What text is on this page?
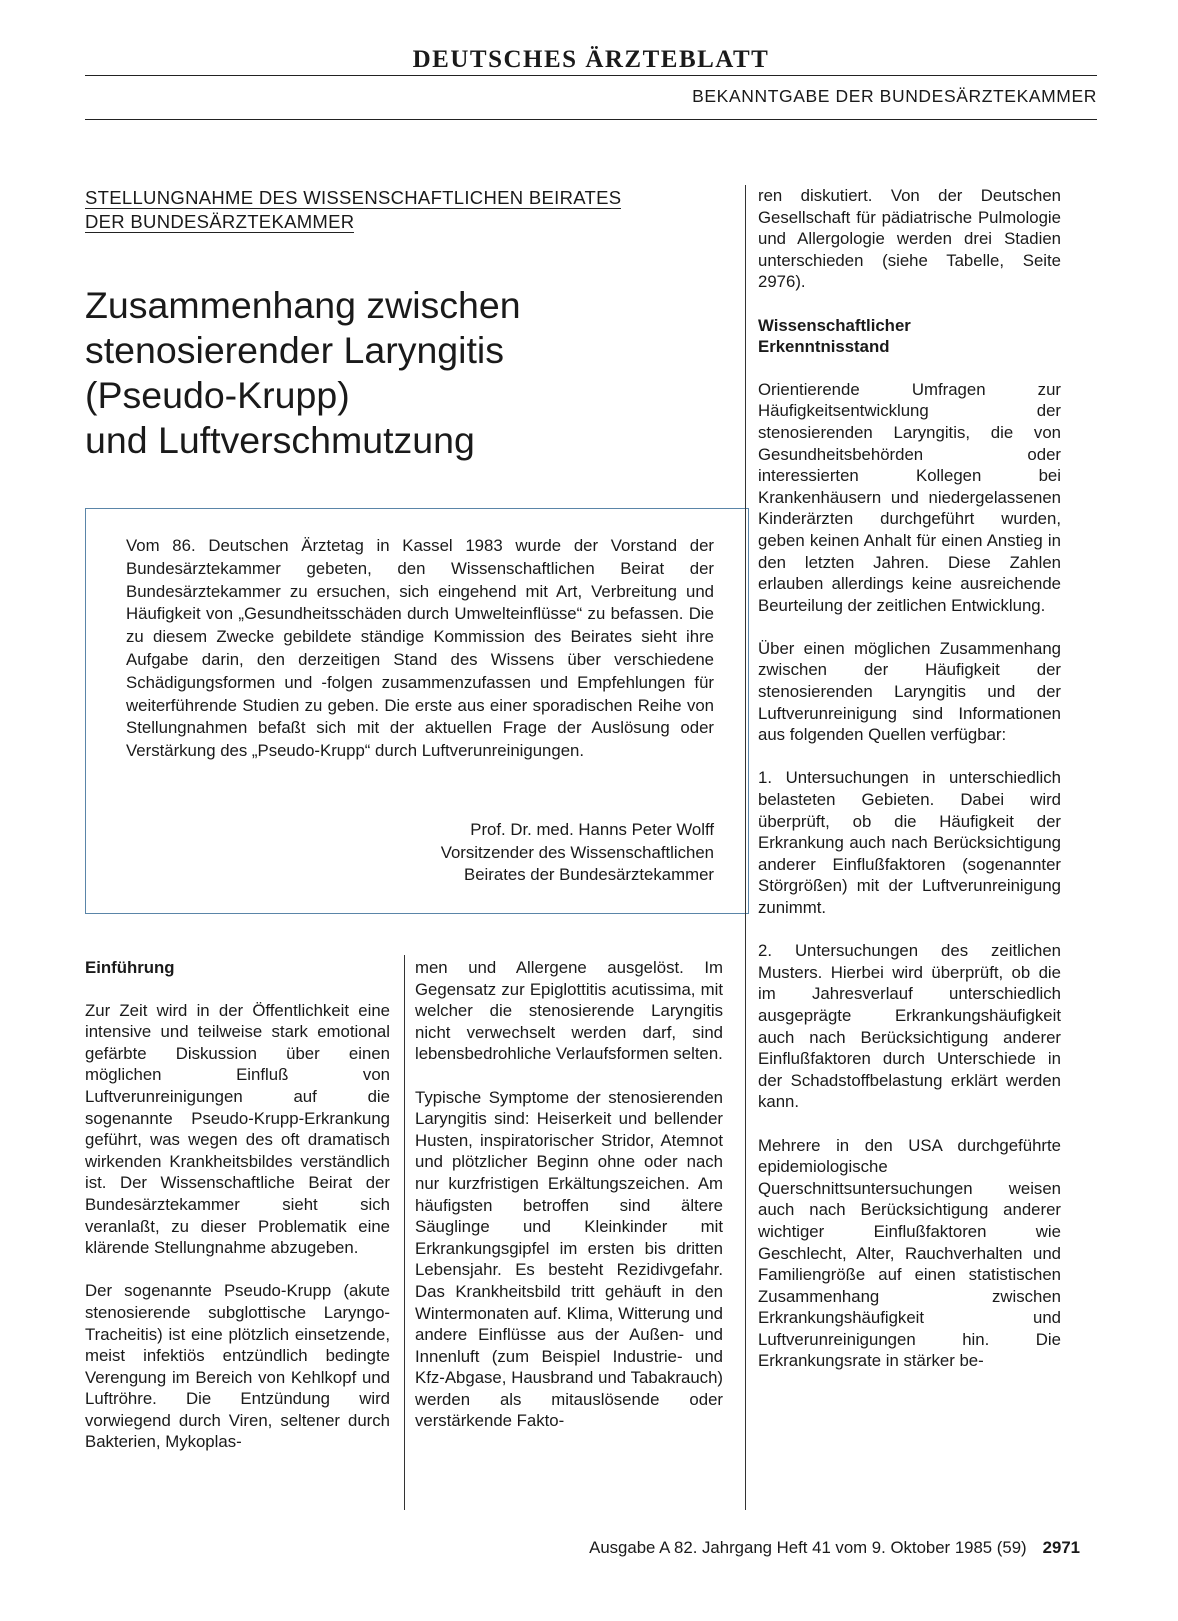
DEUTSCHES ÄRZTEBLATT
BEKANNTGABE DER BUNDESÄRZTEKAMMER
STELLUNGNAHME DES WISSENSCHAFTLICHEN BEIRATES
DER BUNDESÄRZTEKAMMER
Zusammenhang zwischen
stenosierender Laryngitis
(Pseudo-Krupp)
und Luftverschmutzung

Vom 86. Deutschen Ärztetag in Kassel 1983 wurde der Vorstand der Bundesärztekammer gebeten, den Wissenschaftlichen Beirat der Bundesärztekammer zu ersuchen, sich eingehend mit Art, Verbreitung und Häufigkeit von „Gesundheitsschäden durch Umwelteinflüsse“ zu befassen. Die zu diesem Zwecke gebildete ständige Kommission des Beirates sieht ihre Aufgabe darin, den derzeitigen Stand des Wissens über verschiedene Schädigungsformen und -folgen zusammenzufassen und Empfehlungen für weiterführende Studien zu geben. Die erste aus einer sporadischen Reihe von Stellungnahmen befaßt sich mit der aktuellen Frage der Auslösung oder Verstärkung des „Pseudo-Krupp“ durch Luftverunreinigungen.

Prof. Dr. med. Hanns Peter Wolff
Vorsitzender des Wissenschaftlichen
Beirates der Bundesärztekammer
Einführung

Zur Zeit wird in der Öffentlichkeit eine intensive und teilweise stark emotional gefärbte Diskussion über einen möglichen Einfluß von Luftverunreinigungen auf die sogenannte Pseudo-Krupp-Erkrankung geführt, was wegen des oft dramatisch wirkenden Krankheitsbildes verständlich ist. Der Wissenschaftliche Beirat der Bundesärztekammer sieht sich veranlaßt, zu dieser Problematik eine klärende Stellungnahme abzugeben.

Der sogenannte Pseudo-Krupp (akute stenosierende subglottische Laryngo-Tracheitis) ist eine plötzlich einsetzende, meist infektiös entzündlich bedingte Verengung im Bereich von Kehlkopf und Luftröhre. Die Entzündung wird vorwiegend durch Viren, seltener durch Bakterien, Mykoplas-

men und Allergene ausgelöst. Im Gegensatz zur Epiglottitis acutissima, mit welcher die stenosierende Laryngitis nicht verwechselt werden darf, sind lebensbedrohliche Verlaufsformen selten.

Typische Symptome der stenosierenden Laryngitis sind: Heiserkeit und bellender Husten, inspiratorischer Stridor, Atemnot und plötzlicher Beginn ohne oder nach nur kurzfristigen Erkältungszeichen. Am häufigsten betroffen sind ältere Säuglinge und Kleinkinder mit Erkrankungsgipfel im ersten bis dritten Lebensjahr. Es besteht Rezidivgefahr. Das Krankheitsbild tritt gehäuft in den Wintermonaten auf. Klima, Witterung und andere Einflüsse aus der Außen- und Innenluft (zum Beispiel Industrie- und Kfz-Abgase, Hausbrand und Tabakrauch) werden als mitauslösende oder verstärkende Fakto-

ren diskutiert. Von der Deutschen Gesellschaft für pädiatrische Pulmologie und Allergologie werden drei Stadien unterschieden (siehe Tabelle, Seite 2976).

Wissenschaftlicher
Erkenntnisstand

Orientierende Umfragen zur Häufigkeitsentwicklung der stenosierenden Laryngitis, die von Gesundheitsbehörden oder interessierten Kollegen bei Krankenhäusern und niedergelassenen Kinderärzten durchgeführt wurden, geben keinen Anhalt für einen Anstieg in den letzten Jahren. Diese Zahlen erlauben allerdings keine ausreichende Beurteilung der zeitlichen Entwicklung.

Über einen möglichen Zusammenhang zwischen der Häufigkeit der stenosierenden Laryngitis und der Luftverunreinigung sind Informationen aus folgenden Quellen verfügbar:

1. Untersuchungen in unterschiedlich belasteten Gebieten. Dabei wird überprüft, ob die Häufigkeit der Erkrankung auch nach Berücksichtigung anderer Einflußfaktoren (sogenannter Störgrößen) mit der Luftverunreinigung zunimmt.

2. Untersuchungen des zeitlichen Musters. Hierbei wird überprüft, ob die im Jahresverlauf unterschiedlich ausgeprägte Erkrankungshäufigkeit auch nach Berücksichtigung anderer Einflußfaktoren durch Unterschiede in der Schadstoffbelastung erklärt werden kann.

Mehrere in den USA durchgeführte epidemiologische Querschnittsuntersuchungen weisen auch nach Berücksichtigung anderer wichtiger Einflußfaktoren wie Geschlecht, Alter, Rauchverhalten und Familiengröße auf einen statistischen Zusammenhang zwischen Erkrankungshäufigkeit und Luftverunreinigungen hin. Die Erkrankungsrate in stärker be-

Ausgabe A 82. Jahrgang Heft 41 vom 9. Oktober 1985 (59) 2971
